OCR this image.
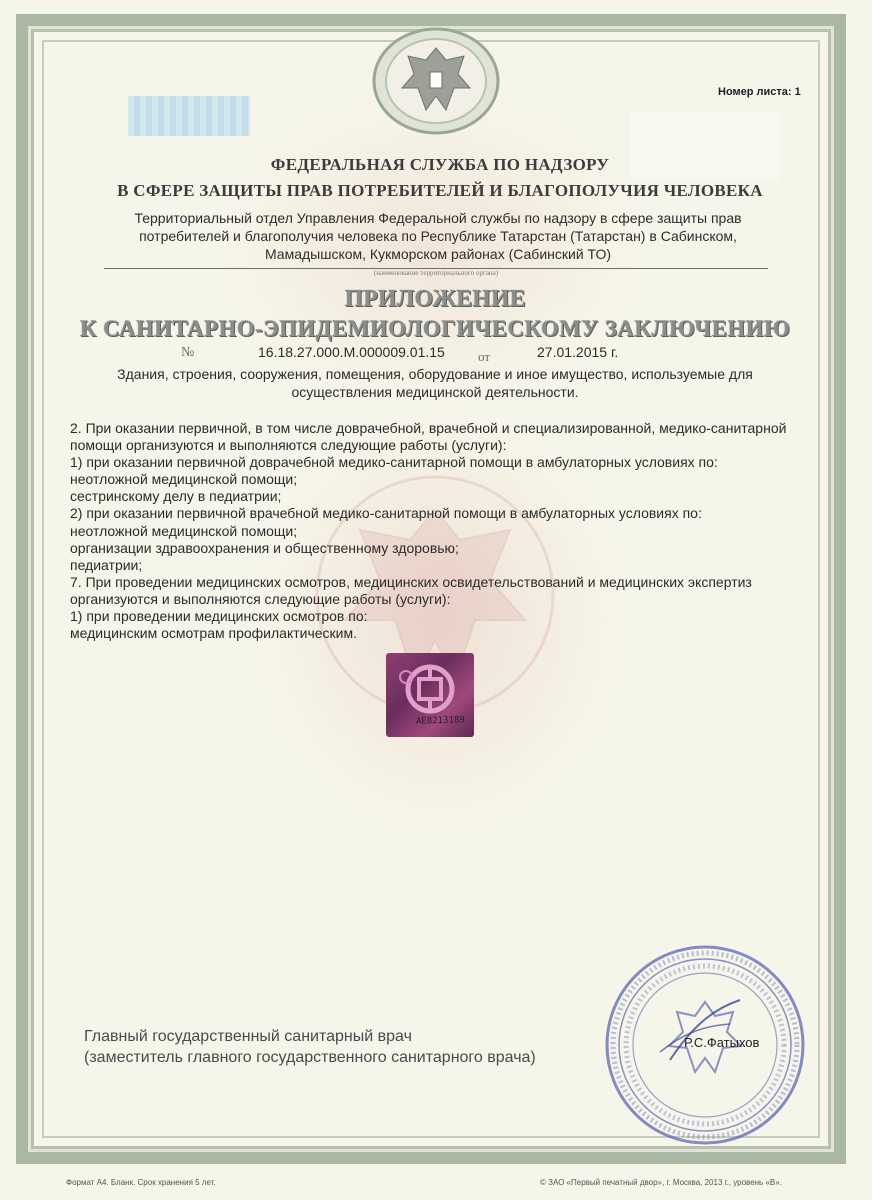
Номер листа: 1
ФЕДЕРАЛЬНАЯ СЛУЖБА ПО НАДЗОРУ
В СФЕРЕ ЗАЩИТЫ ПРАВ ПОТРЕБИТЕЛЕЙ И БЛАГОПОЛУЧИЯ ЧЕЛОВЕКА
Территориальный отдел Управления Федеральной службы по надзору в сфере защиты прав
потребителей и благополучия человека по Республике Татарстан (Татарстан) в Сабинском,
Мамадышском, Кукморском районах (Сабинский ТО)
(наименование территориального органа)
ПРИЛОЖЕНИЕ
К САНИТАРНО-ЭПИДЕМИОЛОГИЧЕСКОМУ ЗАКЛЮЧЕНИЮ
№	16.18.27.000.М.000009.01.15	от	27.01.2015 г.
Здания, строения, сооружения, помещения, оборудование и иное имущество, используемые для
осуществления медицинской деятельности.
2. При оказании первичной, в том числе доврачебной, врачебной и специализированной, медико-санитарной
помощи организуются и выполняются следующие работы (услуги):
1) при оказании первичной доврачебной медико-санитарной помощи в амбулаторных условиях по:
неотложной медицинской помощи;
сестринскому делу в педиатрии;
2) при оказании первичной врачебной медико-санитарной помощи в амбулаторных условиях по:
неотложной медицинской помощи;
организации здравоохранения и общественному здоровью;
педиатрии;
7. При проведении медицинских осмотров, медицинских освидетельствований и медицинских экспертиз
организуются и выполняются следующие работы (услуги):
1) при проведении медицинских осмотров по:
медицинским осмотрам профилактическим.
АЕ8213189
Главный государственный санитарный врач
(заместитель главного государственного санитарного врача)
Р.С.Фатыхов
Формат А4. Бланк. Срок хранения 5 лет.	© ЗАО «Первый печатный двор», г. Москва, 2013 г., уровень «В».
